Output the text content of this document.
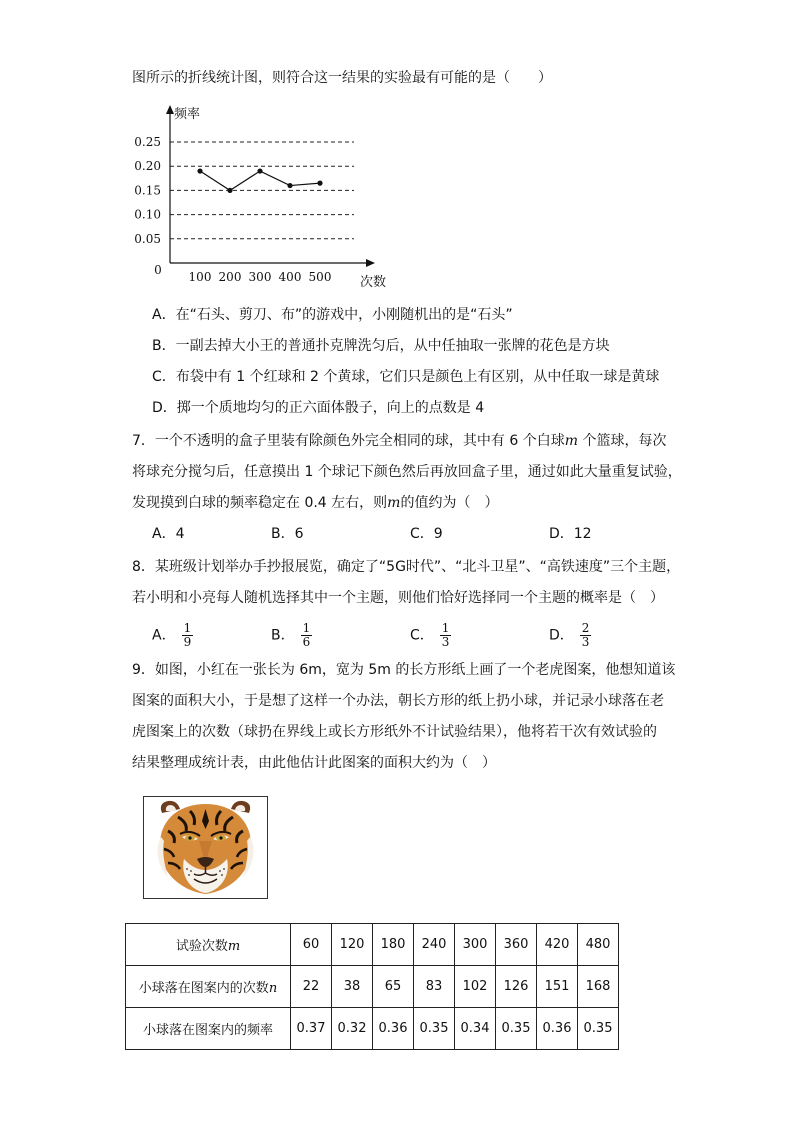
图所示的折线统计图，则符合这一结果的实验最有可能的是（　　）
0.25
0.20
0.15
0.10
0.05
100 200 300 400 500
0
频率
次数
A．在“石头、剪刀、布”的游戏中，小刚随机出的是“石头”
B．一副去掉大小王的普通扑克牌洗匀后，从中任抽取一张牌的花色是方块
C．布袋中有 1 个红球和 2 个黄球，它们只是颜色上有区别，从中任取一球是黄球
D．掷一个质地均匀的正六面体骰子，向上的点数是 4
7．一个不透明的盒子里装有除颜色外完全相同的球，其中有 6 个白球m 个篮球，每次
将球充分搅匀后，任意摸出 1 个球记下颜色然后再放回盒子里，通过如此大量重复试验，
发现摸到白球的频率稳定在 0.4 左右，则m的值约为（　）
A．4	B．6	C．9	D．12
8．某班级计划举办手抄报展览，确定了“5G时代”、“北斗卫星”、“高铁速度”三个主题，
若小明和小亮每人随机选择其中一个主题，则他们恰好选择同一个主题的概率是（　）
A． $\frac{1}{9}$	B． $\frac{1}{6}$	C． $\frac{1}{3}$	D． $\frac{2}{3}$
9．如图，小红在一张长为 6m，宽为 5m 的长方形纸上画了一个老虎图案，他想知道该
图案的面积大小，于是想了这样一个办法，朝长方形的纸上扔小球，并记录小球落在老
虎图案上的次数（球扔在界线上或长方形纸外不计试验结果），他将若干次有效试验的
结果整理成统计表，由此他估计此图案的面积大约为（　）
试验次数m	60	120	180	240	300	360	420	480
小球落在图案内的次数n	22	38	65	83	102	126	151	168
小球落在图案内的频率	0.37	0.32	0.36	0.35	0.34	0.35	0.36	0.35
